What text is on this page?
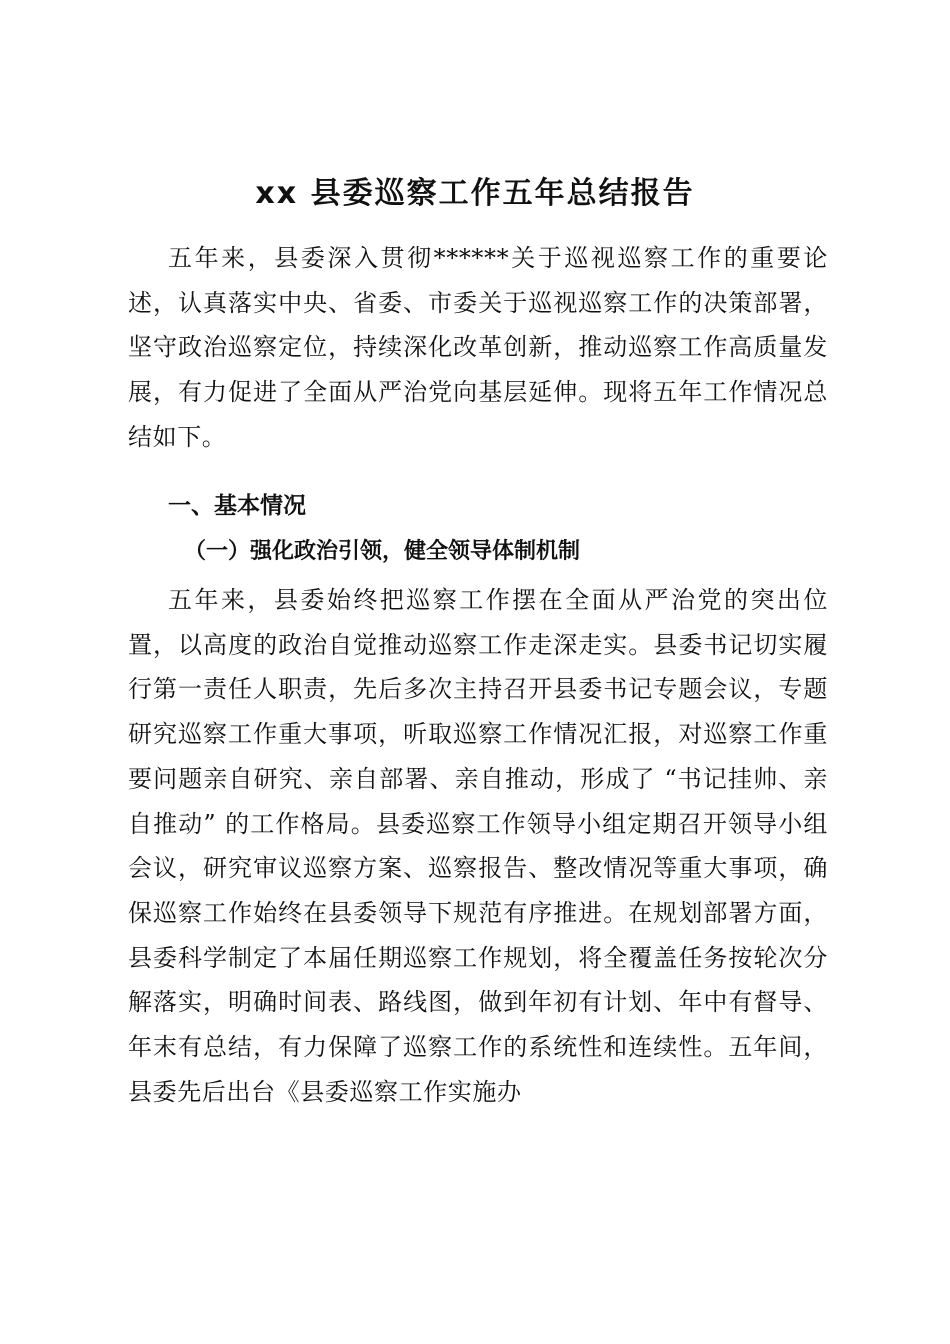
xx 县委巡察工作五年总结报告

五年来，县委深入贯彻******关于巡视巡察工作的重要论述，认真落实中央、省委、市委关于巡视巡察工作的决策部署，坚守政治巡察定位，持续深化改革创新，推动巡察工作高质量发展，有力促进了全面从严治党向基层延伸。现将五年工作情况总结如下。

一、基本情况
（一）强化政治引领，健全领导体制机制

五年来，县委始终把巡察工作摆在全面从严治党的突出位置，以高度的政治自觉推动巡察工作走深走实。县委书记切实履行第一责任人职责，先后多次主持召开县委书记专题会议，专题研究巡察工作重大事项，听取巡察工作情况汇报，对巡察工作重要问题亲自研究、亲自部署、亲自推动，形成了 “书记挂帅、亲自推动” 的工作格局。县委巡察工作领导小组定期召开领导小组会议，研究审议巡察方案、巡察报告、整改情况等重大事项，确保巡察工作始终在县委领导下规范有序推进。在规划部署方面，县委科学制定了本届任期巡察工作规划，将全覆盖任务按轮次分解落实，明确时间表、路线图，做到年初有计划、年中有督导、年末有总结，有力保障了巡察工作的系统性和连续性。五年间，县委先后出台《县委巡察工作实施办
